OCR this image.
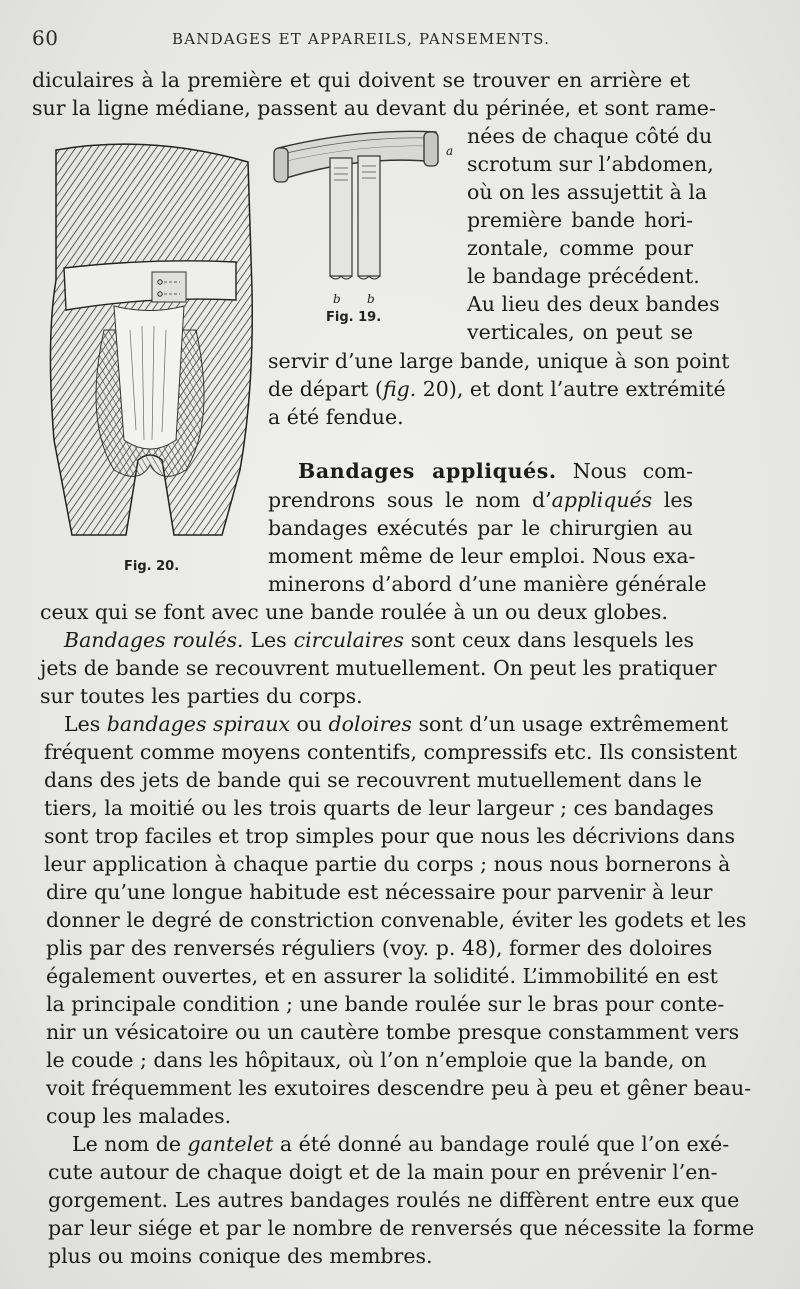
60	BANDAGES ET APPAREILS, PANSEMENTS.
diculaires à la première et qui doivent se trouver en arrière et
sur la ligne médiane, passent au devant du périnée, et sont rame-
a
b b
Fig. 19.
Fig. 20.
nées de chaque côté du
scrotum sur l’abdomen,
où on les assujettit à la
première bande hori-
zontale, comme pour
le bandage précédent.
Au lieu des deux bandes
verticales, on peut se
servir d’une large bande, unique à son point
de départ (fig. 20), et dont l’autre extrémité
a été fendue.
Bandages appliqués. Nous com-
prendrons sous le nom d’appliqués les
bandages exécutés par le chirurgien au
moment même de leur emploi. Nous exa-
minerons d’abord d’une manière générale
ceux qui se font avec une bande roulée à un ou deux globes.
Bandages roulés. Les circulaires sont ceux dans lesquels les
jets de bande se recouvrent mutuellement. On peut les pratiquer
sur toutes les parties du corps.
Les bandages spiraux ou doloires sont d’un usage extrêmement
fréquent comme moyens contentifs, compressifs etc. Ils consistent
dans des jets de bande qui se recouvrent mutuellement dans le
tiers, la moitié ou les trois quarts de leur largeur ; ces bandages
sont trop faciles et trop simples pour que nous les décrivions dans
leur application à chaque partie du corps ; nous nous bornerons à
dire qu’une longue habitude est nécessaire pour parvenir à leur
donner le degré de constriction convenable, éviter les godets et les
plis par des renversés réguliers (voy. p. 48), former des doloires
également ouvertes, et en assurer la solidité. L’immobilité en est
la principale condition ; une bande roulée sur le bras pour conte-
nir un vésicatoire ou un cautère tombe presque constamment vers
le coude ; dans les hôpitaux, où l’on n’emploie que la bande, on
voit fréquemment les exutoires descendre peu à peu et gêner beau-
coup les malades.
Le nom de gantelet a été donné au bandage roulé que l’on exé-
cute autour de chaque doigt et de la main pour en prévenir l’en-
gorgement. Les autres bandages roulés ne diffèrent entre eux que
par leur siége et par le nombre de renversés que nécessite la forme
plus ou moins conique des membres.
